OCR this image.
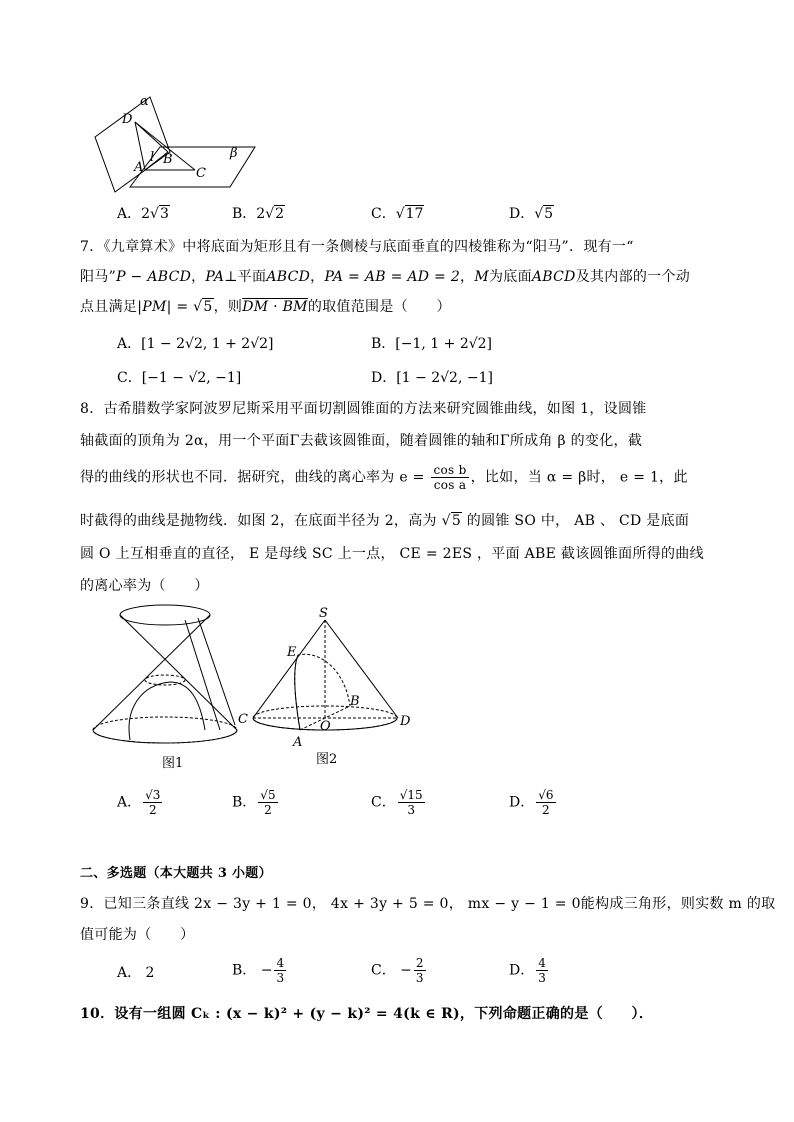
α
β
D
l B
A	C
A．2√3	B．2√2	C．√17	D．√5
7．《九章算术》中将底面为矩形且有一条侧棱与底面垂直的四棱锥称为“阳马”．现有一“
阳马”P − ABCD，PA⊥平面ABCD，PA = AB = AD = 2，M为底面ABCD及其内部的一个动
点且满足|PM| = √5，则DM · BM的取值范围是（　　）
A．[1 − 2√2, 1 + 2√2]	B．[−1, 1 + 2√2]
C．[−1 − √2, −1]	D．[1 − 2√2, −1]
8．古希腊数学家阿波罗尼斯采用平面切割圆锥面的方法来研究圆锥曲线，如图 1，设圆锥
轴截面的顶角为 2α，用一个平面Γ去截该圆锥面，随着圆锥的轴和Γ所成角 β 的变化，截
得的曲线的形状也不同．据研究，曲线的离心率为 $e = \frac{\text{cos b}}{\text{cos a}}$ ，比如，当 α = β时， e = 1，此
时截得的曲线是抛物线．如图 2，在底面半径为 2，高为 √5 的圆锥 SO 中， AB 、 CD 是底面
圆 O 上互相垂直的直径， E 是母线 SC 上一点， CE = 2ES ，平面 ABE 截该圆锥面所得的曲线
的离心率为（　　）
图1
S
E
B
C	O	D
A
图2
A． $\frac{√3}{2}$	B． $\frac{√5}{2}$	C． $\frac{√15}{3}$	D． $\frac{√6}{2}$
二、多选题（本大题共 3 小题）
9．已知三条直线 2x − 3y + 1 = 0， 4x + 3y + 5 = 0， mx − y − 1 = 0能构成三角形，则实数 m 的取
值可能为（　　）
A． 2	B． − $\frac{4}{3}$	C． − $\frac{2}{3}$	D． $\frac{4}{3}$
10．设有一组圆 Cₖ : (x − k)² + (y − k)² = 4(k ∈ R)，下列命题正确的是（　　）．
